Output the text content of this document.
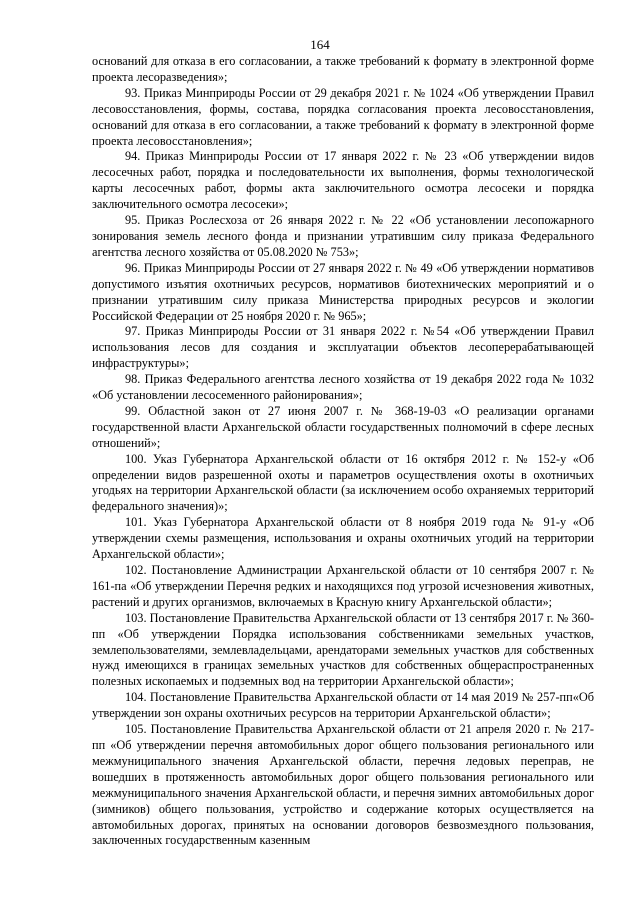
164

оснований для отказа в его согласовании, а также требований к формату в электронной форме проекта лесоразведения»;

93. Приказ Минприроды России от 29 декабря 2021 г. № 1024 «Об утверждении Правил лесовосстановления, формы, состава, порядка согласования проекта лесовосстановления, оснований для отказа в его согласовании, а также требований к формату в электронной форме проекта лесовосстановления»;

94. Приказ Минприроды России от 17 января 2022 г. № 23 «Об утверждении видов лесосечных работ, порядка и последовательности их выполнения, формы технологической карты лесосечных работ, формы акта заключительного осмотра лесосеки и порядка заключительного осмотра лесосеки»;

95. Приказ Рослесхоза от 26 января 2022 г. № 22 «Об установлении лесопожарного зонирования земель лесного фонда и признании утратившим силу приказа Федерального агентства лесного хозяйства от 05.08.2020 № 753»;

96. Приказ Минприроды России от 27 января 2022 г. № 49 «Об утверждении нормативов допустимого изъятия охотничьих ресурсов, нормативов биотехнических мероприятий и о признании утратившим силу приказа Министерства природных ресурсов и экологии Российской Федерации от 25 ноября 2020 г. № 965»;

97. Приказ Минприроды России от 31 января 2022 г. №54 «Об утверждении Правил использования лесов для создания и эксплуатации объектов лесоперерабатывающей инфраструктуры»;

98. Приказ Федерального агентства лесного хозяйства от 19 декабря 2022 года № 1032 «Об установлении лесосеменного районирования»;

99. Областной закон от 27 июня 2007 г. № 368-19-03 «О реализации органами государственной власти Архангельской области государственных полномочий в сфере лесных отношений»;

100. Указ Губернатора Архангельской области от 16 октября 2012 г. № 152-у «Об определении видов разрешенной охоты и параметров осуществления охоты в охотничьих угодьях на территории Архангельской области (за исключением особо охраняемых территорий федерального значения)»;

101. Указ Губернатора Архангельской области от 8 ноября 2019 года № 91-у «Об утверждении схемы размещения, использования и охраны охотничьих угодий на территории Архангельской области»;

102. Постановление Администрации Архангельской области от 10 сентября 2007 г. № 161-па «Об утверждении Перечня редких и находящихся под угрозой исчезновения животных, растений и других организмов, включаемых в Красную книгу Архангельской области»;

103. Постановление Правительства Архангельской области от 13 сентября 2017 г. № 360-пп «Об утверждении Порядка использования собственниками земельных участков, землепользователями, землевладельцами, арендаторами земельных участков для собственных нужд имеющихся в границах земельных участков для собственных общераспространенных полезных ископаемых и подземных вод на территории Архангельской области»;

104. Постановление Правительства Архангельской области от 14 мая 2019 № 257-пп«Об утверждении зон охраны охотничьих ресурсов на территории Архангельской области»;

105. Постановление Правительства Архангельской области от 21 апреля 2020 г. № 217-пп «Об утверждении перечня автомобильных дорог общего пользования регионального или межмуниципального значения Архангельской области, перечня ледовых переправ, не вошедших в протяженность автомобильных дорог общего пользования регионального или межмуниципального значения Архангельской области, и перечня зимних автомобильных дорог (зимников) общего пользования, устройство и содержание которых осуществляется на автомобильных дорогах, принятых на основании договоров безвозмездного пользования, заключенных государственным казенным
